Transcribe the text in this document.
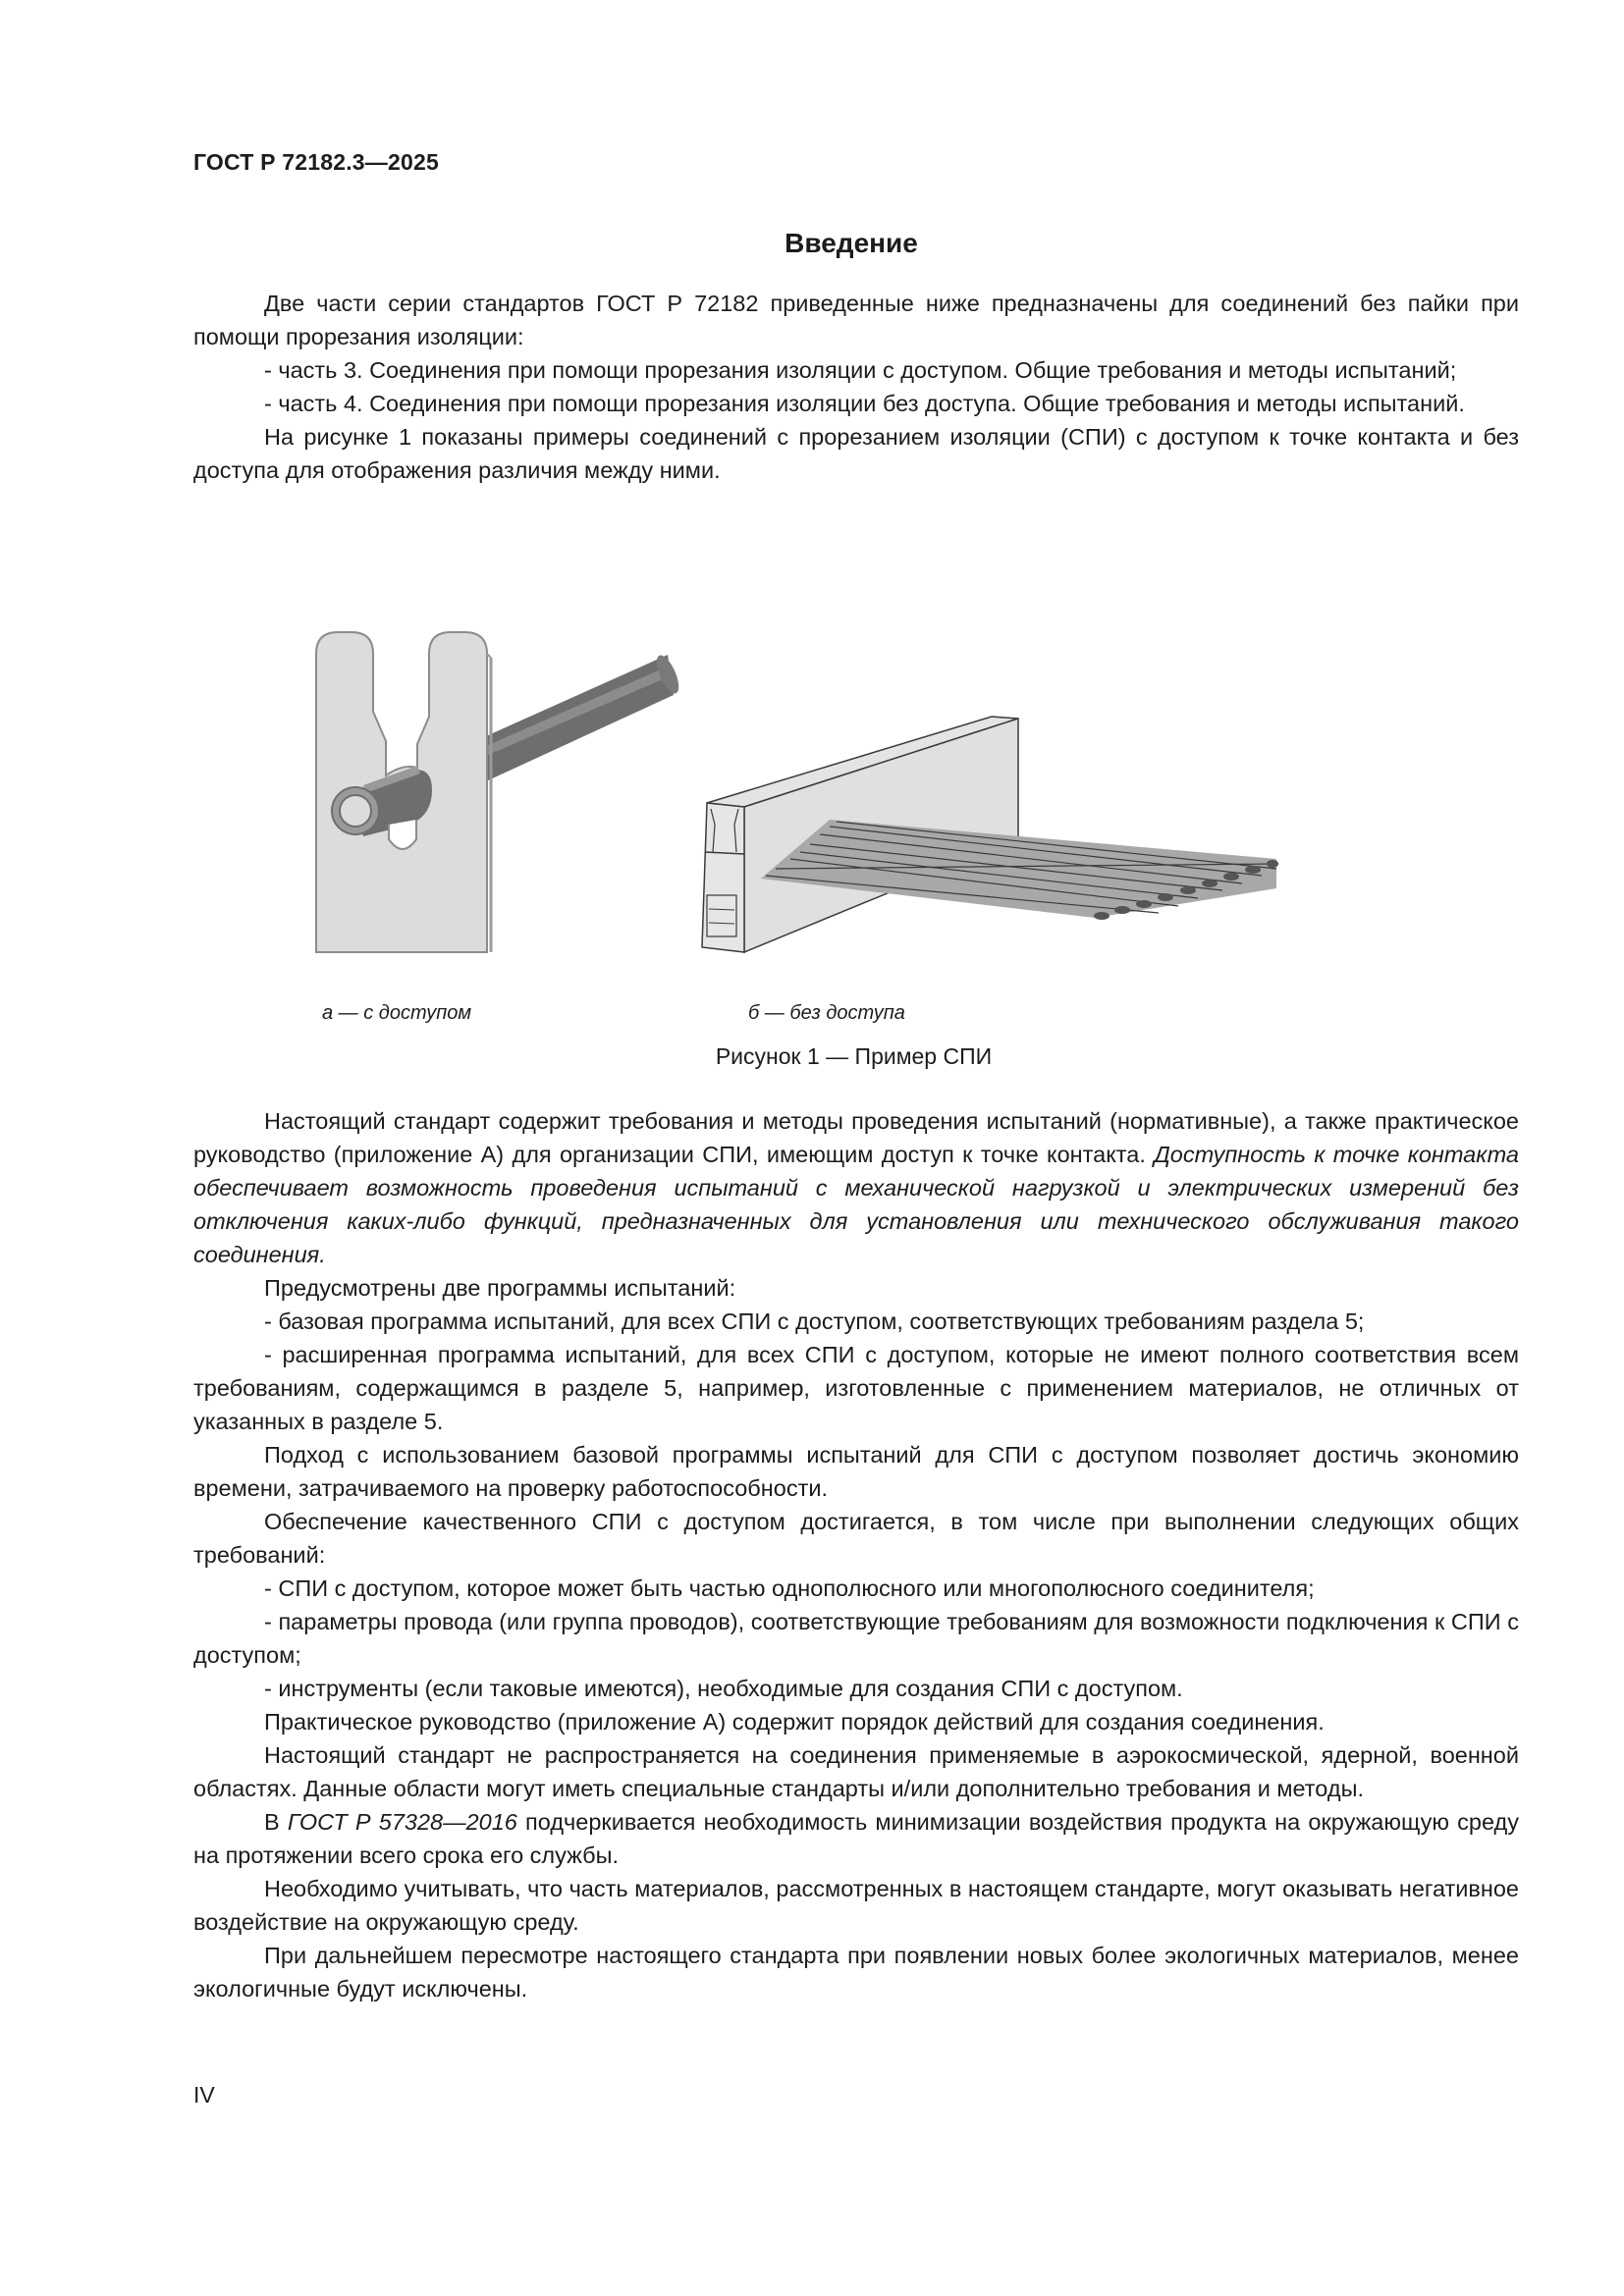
ГОСТ Р 72182.3—2025
Введение

Две части серии стандартов ГОСТ Р 72182 приведенные ниже предназначены для соединений без пайки при помощи прорезания изоляции:

- часть 3. Соединения при помощи прорезания изоляции с доступом. Общие требования и методы испытаний;

- часть 4. Соединения при помощи прорезания изоляции без доступа. Общие требования и методы испытаний.

На рисунке 1 показаны примеры соединений с прорезанием изоляции (СПИ) с доступом к точке контакта и без доступа для отображения различия между ними.

а — с доступом	б — без доступа
Рисунок 1 — Пример СПИ

Настоящий стандарт содержит требования и методы проведения испытаний (нормативные), а также практическое руководство (приложение А) для организации СПИ, имеющим доступ к точке контакта. Доступность к точке контакта обеспечивает возможность проведения испытаний с механической нагрузкой и электрических измерений без отключения каких-либо функций, предназначенных для установления или технического обслуживания такого соединения.

Предусмотрены две программы испытаний:

- базовая программа испытаний, для всех СПИ с доступом, соответствующих требованиям раздела 5;

- расширенная программа испытаний, для всех СПИ с доступом, которые не имеют полного соответствия всем требованиям, содержащимся в разделе 5, например, изготовленные с применением материалов, не отличных от указанных в разделе 5.

Подход с использованием базовой программы испытаний для СПИ с доступом позволяет достичь экономию времени, затрачиваемого на проверку работоспособности.

Обеспечение качественного СПИ с доступом достигается, в том числе при выполнении следующих общих требований:

- СПИ с доступом, которое может быть частью однополюсного или многополюсного соединителя;

- параметры провода (или группа проводов), соответствующие требованиям для возможности подключения к СПИ с доступом;

- инструменты (если таковые имеются), необходимые для создания СПИ с доступом.

Практическое руководство (приложение А) содержит порядок действий для создания соединения.

Настоящий стандарт не распространяется на соединения применяемые в аэрокосмической, ядерной, военной областях. Данные области могут иметь специальные стандарты и/или дополнительно требования и методы.

В ГОСТ Р 57328—2016 подчеркивается необходимость минимизации воздействия продукта на окружающую среду на протяжении всего срока его службы.

Необходимо учитывать, что часть материалов, рассмотренных в настоящем стандарте, могут оказывать негативное воздействие на окружающую среду.

При дальнейшем пересмотре настоящего стандарта при появлении новых более экологичных материалов, менее экологичные будут исключены.

IV
